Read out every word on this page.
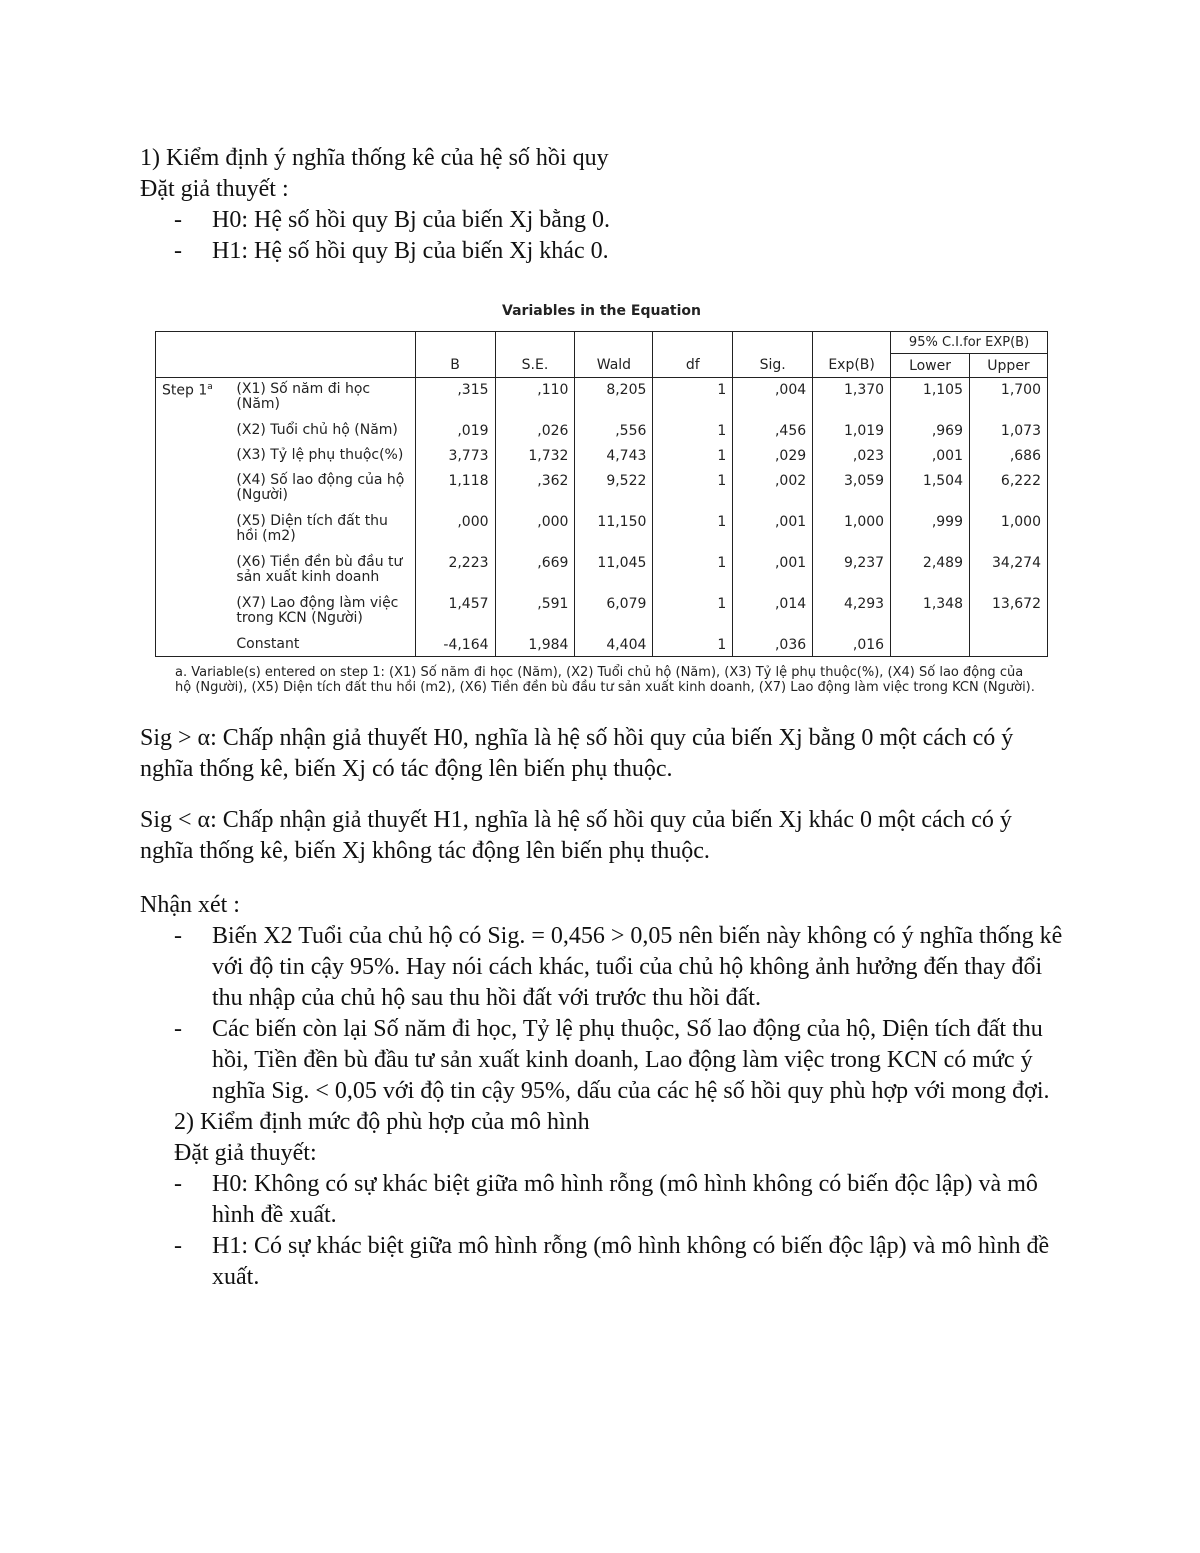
1) Kiểm định ý nghĩa thống kê của hệ số hồi quy

Đặt giả thuyết :

- H0: Hệ số hồi quy Bj của biến Xj bằng 0.
- H1: Hệ số hồi quy Bj của biến Xj khác 0.
Variables in the Equation
		B	S.E.	Wald	df	Sig.	Exp(B)	95% C.I.for EXP(B)	
								Lower	Upper
Step 1$^a$	(X1) Số năm đi học (Năm)	,315	,110	8,205	1	,004	1,370	1,105	1,700
	(X2) Tuổi chủ hộ (Năm)	,019	,026	,556	1	,456	1,019	,969	1,073
	(X3) Tỷ lệ phụ thuộc(%)	3,773	1,732	4,743	1	,029	,023	,001	,686
	(X4) Số lao động của hộ (Người)	1,118	,362	9,522	1	,002	3,059	1,504	6,222
	(X5) Diện tích đất thu hồi (m2)	,000	,000	11,150	1	,001	1,000	,999	1,000
	(X6) Tiền đền bù đầu tư sản xuất kinh doanh	2,223	,669	11,045	1	,001	9,237	2,489	34,274
	(X7) Lao động làm việc trong KCN (Người)	1,457	,591	6,079	1	,014	4,293	1,348	13,672
	Constant	-4,164	1,984	4,404	1	,036	,016		
a. Variable(s) entered on step 1: (X1) Số năm đi học (Năm), (X2) Tuổi chủ hộ (Năm), (X3) Tỷ lệ phụ thuộc(%), (X4) Số lao động của hộ (Người), (X5) Diện tích đất thu hồi (m2), (X6) Tiền đền bù đầu tư sản xuất kinh doanh, (X7) Lao động làm việc trong KCN (Người).

Sig > α: Chấp nhận giả thuyết H0, nghĩa là hệ số hồi quy của biến Xj bằng 0 một cách có ý nghĩa thống kê, biến Xj có tác động lên biến phụ thuộc.

Sig < α: Chấp nhận giả thuyết H1, nghĩa là hệ số hồi quy của biến Xj khác 0 một cách có ý nghĩa thống kê, biến Xj không tác động lên biến phụ thuộc.

Nhận xét :

- Biến X2 Tuổi của chủ hộ có Sig. = 0,456 > 0,05 nên biến này không có ý nghĩa thống kê với độ tin cậy 95%. Hay nói cách khác, tuổi của chủ hộ không ảnh hưởng đến thay đổi thu nhập của chủ hộ sau thu hồi đất với trước thu hồi đất.
- Các biến còn lại Số năm đi học, Tỷ lệ phụ thuộc, Số lao động của hộ, Diện tích đất thu hồi, Tiền đền bù đầu tư sản xuất kinh doanh, Lao động làm việc trong KCN có mức ý nghĩa Sig. < 0,05 với độ tin cậy 95%, dấu của các hệ số hồi quy phù hợp với mong đợi.

2) Kiểm định mức độ phù hợp của mô hình

Đặt giả thuyết:

- H0: Không có sự khác biệt giữa mô hình rỗng (mô hình không có biến độc lập) và mô hình đề xuất.
- H1: Có sự khác biệt giữa mô hình rỗng (mô hình không có biến độc lập) và mô hình đề xuất.
